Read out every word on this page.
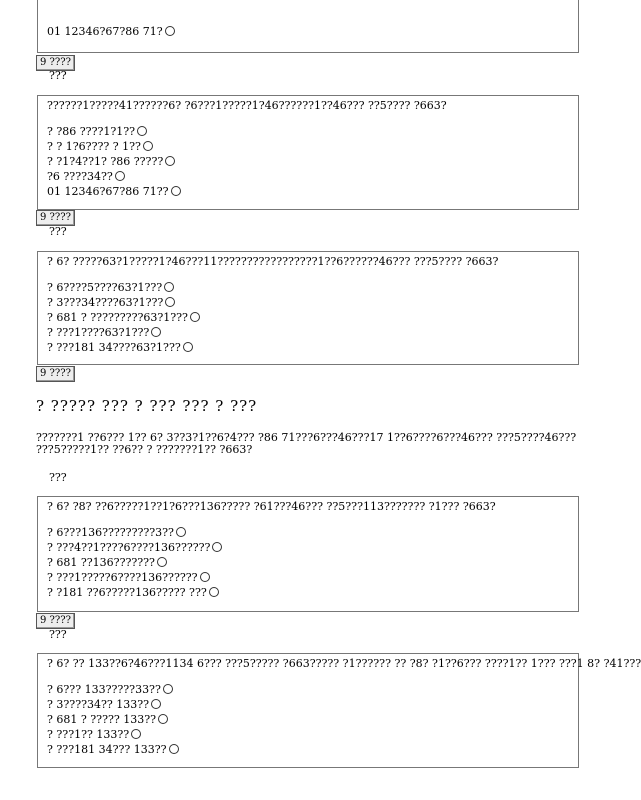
01 12346?67?86 71?
9 ????
???
??????1?????41??????6? ?6???1?????1?46??????1??46??? ??5???? ?663?
? ?86 ????1?1??
? ? 1?6???? ? 1??
? ?1?4??1? ?86 ?????
?6 ????34??
01 12346?67?86 71??
9 ????
???
? 6? ?????63?1?????1?46???11?????????????????1??6??????46??? ???5???? ?663?
? 6????5????63?1???
? 3???34????63?1???
? 681 ? ?????????63?1???
? ???1????63?1???
? ???181 34????63?1???
9 ????
? ????? ??? ? ??? ??? ? ???
???????1 ??6??? 1?? 6? 3??3?1??6?4??? ?86 71???6???46???17 1??6????6???46??? ???5????46??? ???5?????1?? ??6?? ? ???????1?? ?663?
???
? 6? ?8? ??6?????1??1?6???136????? ?61???46??? ??5???113??????? ?1??? ?663?
? 6???136?????????3??
? ???4??1????6????136??????
? 681 ??136???????
? ???1?????6????136??????
? ?181 ??6?????136????? ???
9 ????
???
? 6? ?? 133??6?46???1134 6??? ???5????? ?663????? ?1?????? ?? ?8? ?1??6??? ????1?? 1??? ???1 8? ?41???
? 6??? 133?????33??
? 3????34?? 133??
? 681 ? ????? 133??
? ???1?? 133??
? ???181 34??? 133??
